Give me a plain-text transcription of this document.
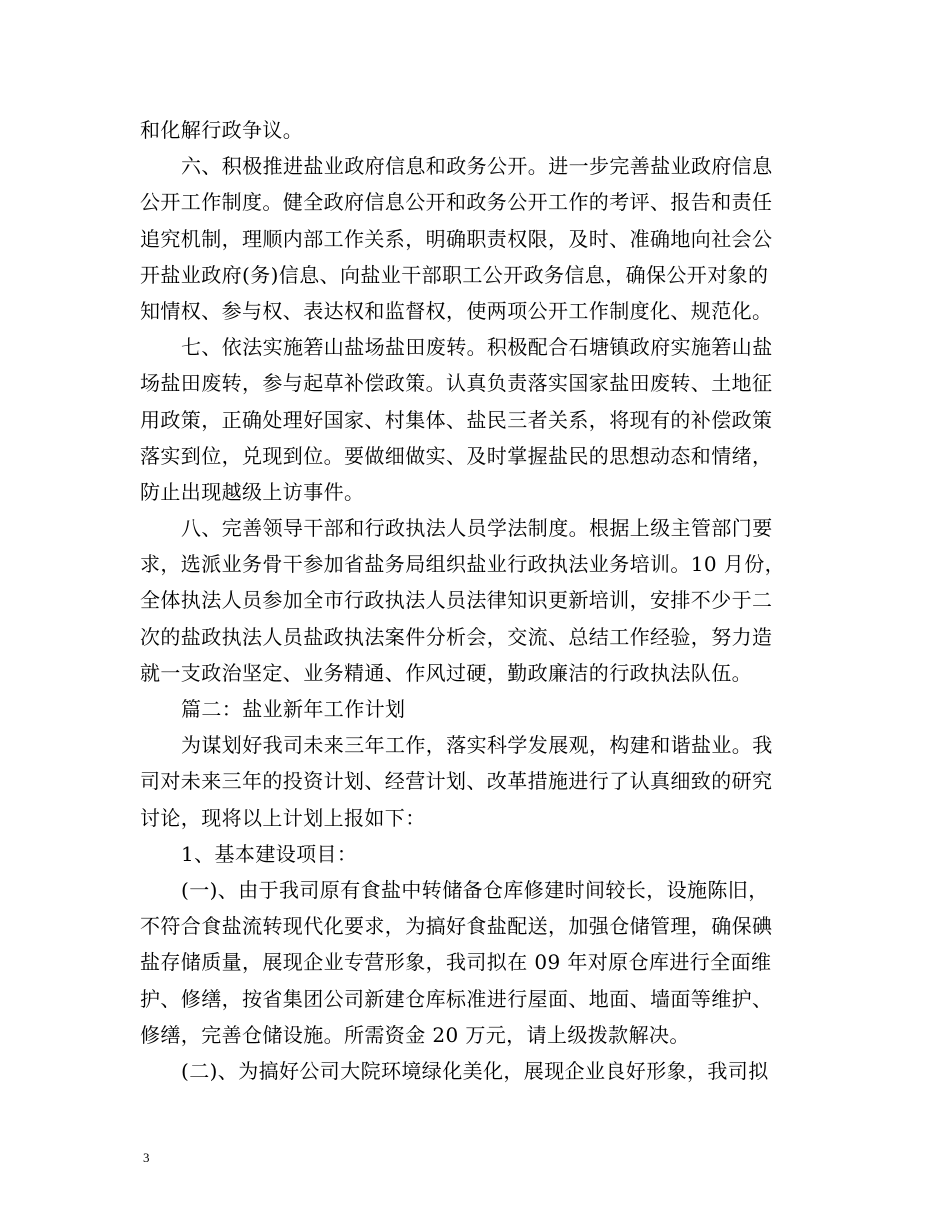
和化解行政争议。
六、积极推进盐业政府信息和政务公开。进一步完善盐业政府信息
公开工作制度。健全政府信息公开和政务公开工作的考评、报告和责任
追究机制，理顺内部工作关系，明确职责权限，及时、准确地向社会公
开盐业政府(务)信息、向盐业干部职工公开政务信息，确保公开对象的
知情权、参与权、表达权和监督权，使两项公开工作制度化、规范化。
七、依法实施箬山盐场盐田废转。积极配合石塘镇政府实施箬山盐
场盐田废转，参与起草补偿政策。认真负责落实国家盐田废转、土地征
用政策，正确处理好国家、村集体、盐民三者关系，将现有的补偿政策
落实到位，兑现到位。要做细做实、及时掌握盐民的思想动态和情绪，
防止出现越级上访事件。
八、完善领导干部和行政执法人员学法制度。根据上级主管部门要
求，选派业务骨干参加省盐务局组织盐业行政执法业务培训。10 月份，
全体执法人员参加全市行政执法人员法律知识更新培训，安排不少于二
次的盐政执法人员盐政执法案件分析会，交流、总结工作经验，努力造
就一支政治坚定、业务精通、作风过硬，勤政廉洁的行政执法队伍。
篇二：盐业新年工作计划
为谋划好我司未来三年工作，落实科学发展观，构建和谐盐业。我
司对未来三年的投资计划、经营计划、改革措施进行了认真细致的研究
讨论，现将以上计划上报如下：
1、基本建设项目：
(一)、由于我司原有食盐中转储备仓库修建时间较长，设施陈旧，
不符合食盐流转现代化要求，为搞好食盐配送，加强仓储管理，确保碘
盐存储质量，展现企业专营形象，我司拟在 09 年对原仓库进行全面维
护、修缮，按省集团公司新建仓库标准进行屋面、地面、墙面等维护、
修缮，完善仓储设施。所需资金 20 万元，请上级拨款解决。
(二)、为搞好公司大院环境绿化美化，展现企业良好形象，我司拟
3
